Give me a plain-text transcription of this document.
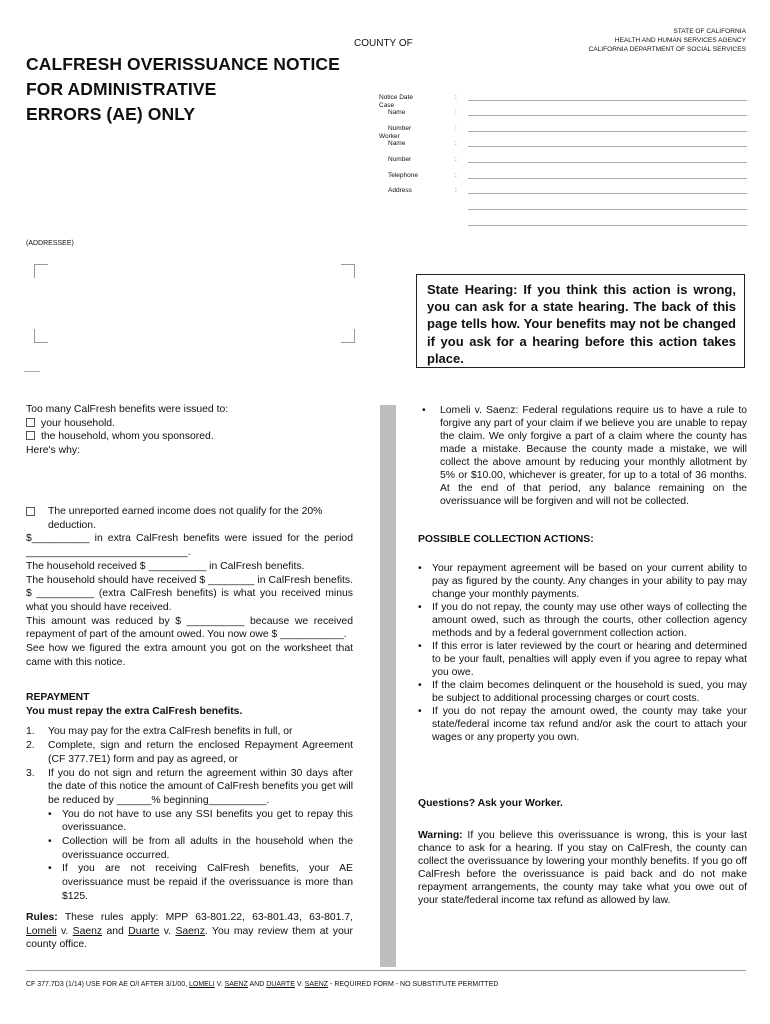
STATE OF CALIFORNIA
HEALTH AND HUMAN SERVICES AGENCY
CALIFORNIA DEPARTMENT OF SOCIAL SERVICES
COUNTY OF
CALFRESH OVERISSUANCE NOTICE
FOR ADMINISTRATIVE
ERRORS (AE) ONLY
Notice Date	:
Case
Name	:
Number	:
Worker
Name	:
Number	:
Telephone	:
Address	:
(ADDRESSEE)
State Hearing: If you think this action is wrong, you can ask for a state hearing. The back of this page tells how. Your benefits may not be changed if you ask for a hearing before this action takes place.

Too many CalFresh benefits were issued to:

your household.

the household, whom you sponsored.

Here's why:

The unreported earned income does not qualify for the 20% deduction.

$__________ in extra CalFresh benefits were issued for the period ____________________________.

The household received $ __________ in CalFresh benefits.

The household should have received $ ________ in CalFresh benefits. $ __________ (extra CalFresh benefits) is what you received minus what you should have received.

This amount was reduced by $ __________ because we received repayment of part of the amount owed. You now owe $ ___________.

See how we figured the extra amount you got on the worksheet that came with this notice.

REPAYMENT

You must repay the extra CalFresh benefits.

1. You may pay for the extra CalFresh benefits in full, or
2. Complete, sign and return the enclosed Repayment Agreement (CF 377.7E1) form and pay as agreed, or
3. If you do not sign and return the agreement within 30 days after the date of this notice the amount of CalFresh benefits you get will be reduced by ______% beginning__________.
• You do not have to use any SSI benefits you get to repay this overissuance.
• Collection will be from all adults in the household when the overissuance occurred.
• If you are not receiving CalFresh benefits, your AE overissuance must be repaid if the overissuance is more than $125.
Rules: These rules apply: MPP 63-801.22, 63-801.43, 63-801.7, Lomeli v. Saenz and Duarte v. Saenz. You may review them at your county office.
• Lomeli v. Saenz: Federal regulations require us to have a rule to forgive any part of your claim if we believe you are unable to repay the claim. We only forgive a part of a claim where the county has made a mistake. Because the county made a mistake, we will collect the above amount by reducing your monthly allotment by 5% or $10.00, whichever is greater, for up to a total of 36 months. At the end of that period, any balance remaining on the overissuance will be forgiven and will not be collected.

POSSIBLE COLLECTION ACTIONS:

• Your repayment agreement will be based on your current ability to pay as figured by the county. Any changes in your ability to pay may change your monthly payments.
• If you do not repay, the county may use other ways of collecting the amount owed, such as through the courts, other collection agency methods and by a federal government collection action.
• If this error is later reviewed by the court or hearing and determined to be your fault, penalties will apply even if you agree to repay what you owe.
• If the claim becomes delinquent or the household is sued, you may be subject to additional processing charges or court costs.
• If you do not repay the amount owed, the county may take your state/federal income tax refund and/or ask the court to attach your wages or any property you own.
Questions? Ask your Worker.
Warning: If you believe this overissuance is wrong, this is your last chance to ask for a hearing. If you stay on CalFresh, the county can collect the overissuance by lowering your monthly benefits. If you go off CalFresh before the overissuance is paid back and do not make repayment arrangements, the county may take what you owe out of your state/federal income tax refund as allowed by law.
CF 377.7D3 (1/14) USE FOR AE O/I AFTER 3/1/00, LOMELI V. SAENZ AND DUARTE V. SAENZ - REQUIRED FORM - NO SUBSTITUTE PERMITTED
